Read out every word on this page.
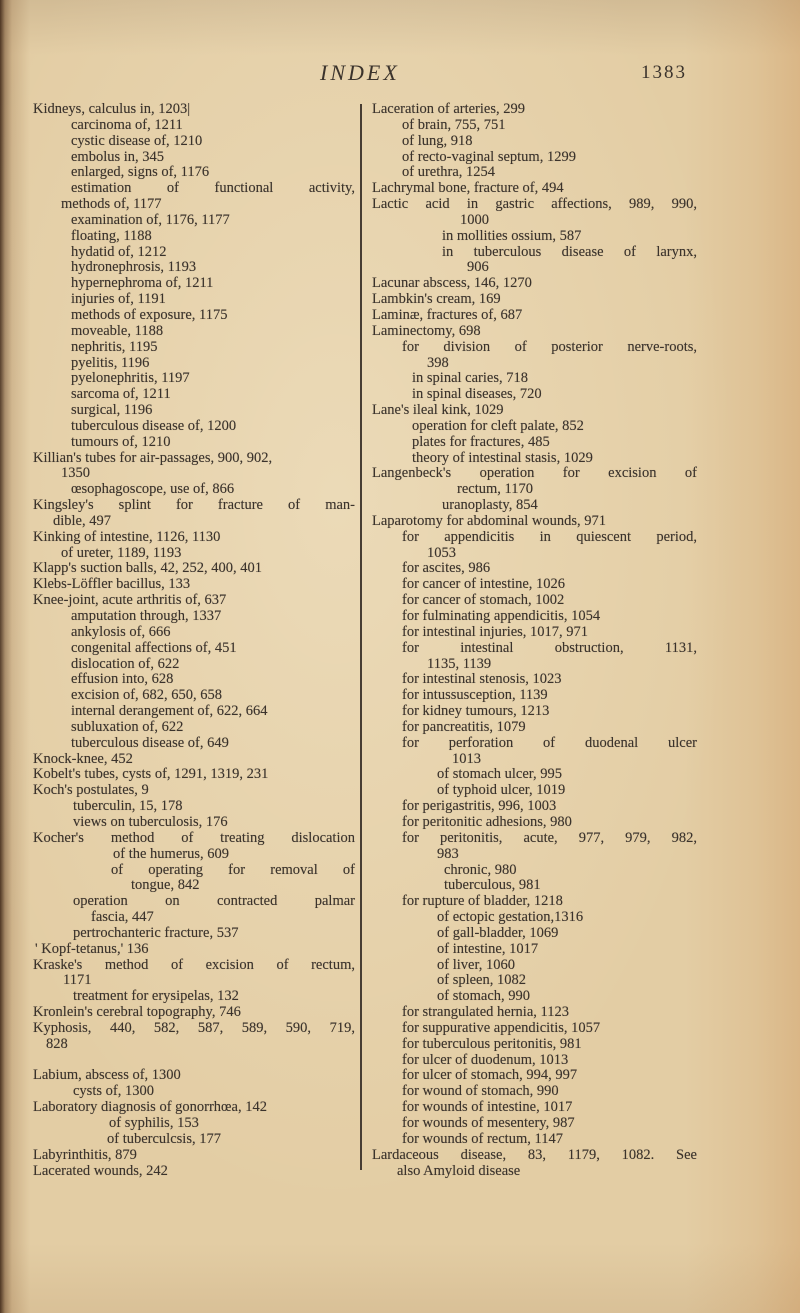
INDEX	1383
Kidneys, calculus in, 1203|
carcinoma of, 1211
cystic disease of, 1210
embolus in, 345
enlarged, signs of, 1176
estimation of functional activity,
methods of, 1177
examination of, 1176, 1177
floating, 1188
hydatid of, 1212
hydronephrosis, 1193
hypernephroma of, 1211
injuries of, 1191
methods of exposure, 1175
moveable, 1188
nephritis, 1195
pyelitis, 1196
pyelonephritis, 1197
sarcoma of, 1211
surgical, 1196
tuberculous disease of, 1200
tumours of, 1210
Killian's tubes for air-passages, 900, 902,
1350
œsophagoscope, use of, 866
Kingsley's splint for fracture of man-
dible, 497
Kinking of intestine, 1126, 1130
of ureter, 1189, 1193
Klapp's suction balls, 42, 252, 400, 401
Klebs-Löffler bacillus, 133
Knee-joint, acute arthritis of, 637
amputation through, 1337
ankylosis of, 666
congenital affections of, 451
dislocation of, 622
effusion into, 628
excision of, 682, 650, 658
internal derangement of, 622, 664
subluxation of, 622
tuberculous disease of, 649
Knock-knee, 452
Kobelt's tubes, cysts of, 1291, 1319, 231
Koch's postulates, 9
tuberculin, 15, 178
views on tuberculosis, 176
Kocher's method of treating dislocation
of the humerus, 609
of operating for removal of
tongue, 842
operation on contracted palmar
fascia, 447
pertrochanteric fracture, 537
' Kopf-tetanus,' 136
Kraske's method of excision of rectum,
1171
treatment for erysipelas, 132
Kronlein's cerebral topography, 746
Kyphosis, 440, 582, 587, 589, 590, 719,
828

Labium, abscess of, 1300
cysts of, 1300
Laboratory diagnosis of gonorrhœa, 142
of syphilis, 153
of tuberculcsis, 177
Labyrinthitis, 879
Lacerated wounds, 242
Laceration of arteries, 299
of brain, 755, 751
of lung, 918
of recto-vaginal septum, 1299
of urethra, 1254
Lachrymal bone, fracture of, 494
Lactic acid in gastric affections, 989, 990,
1000
in mollities ossium, 587
in tuberculous disease of larynx,
906
Lacunar abscess, 146, 1270
Lambkin's cream, 169
Laminæ, fractures of, 687
Laminectomy, 698
for division of posterior nerve-roots,
398
in spinal caries, 718
in spinal diseases, 720
Lane's ileal kink, 1029
operation for cleft palate, 852
plates for fractures, 485
theory of intestinal stasis, 1029
Langenbeck's operation for excision of
rectum, 1170
uranoplasty, 854
Laparotomy for abdominal wounds, 971
for appendicitis in quiescent period,
1053
for ascites, 986
for cancer of intestine, 1026
for cancer of stomach, 1002
for fulminating appendicitis, 1054
for intestinal injuries, 1017, 971
for intestinal obstruction, 1131,
1135, 1139
for intestinal stenosis, 1023
for intussusception, 1139
for kidney tumours, 1213
for pancreatitis, 1079
for perforation of duodenal ulcer
1013
of stomach ulcer, 995
of typhoid ulcer, 1019
for perigastritis, 996, 1003
for peritonitic adhesions, 980
for peritonitis, acute, 977, 979, 982,
983
chronic, 980
tuberculous, 981
for rupture of bladder, 1218
of ectopic gestation,1316
of gall-bladder, 1069
of intestine, 1017
of liver, 1060
of spleen, 1082
of stomach, 990
for strangulated hernia, 1123
for suppurative appendicitis, 1057
for tuberculous peritonitis, 981
for ulcer of duodenum, 1013
for ulcer of stomach, 994, 997
for wound of stomach, 990
for wounds of intestine, 1017
for wounds of mesentery, 987
for wounds of rectum, 1147
Lardaceous disease, 83, 1179, 1082. See
also Amyloid disease
